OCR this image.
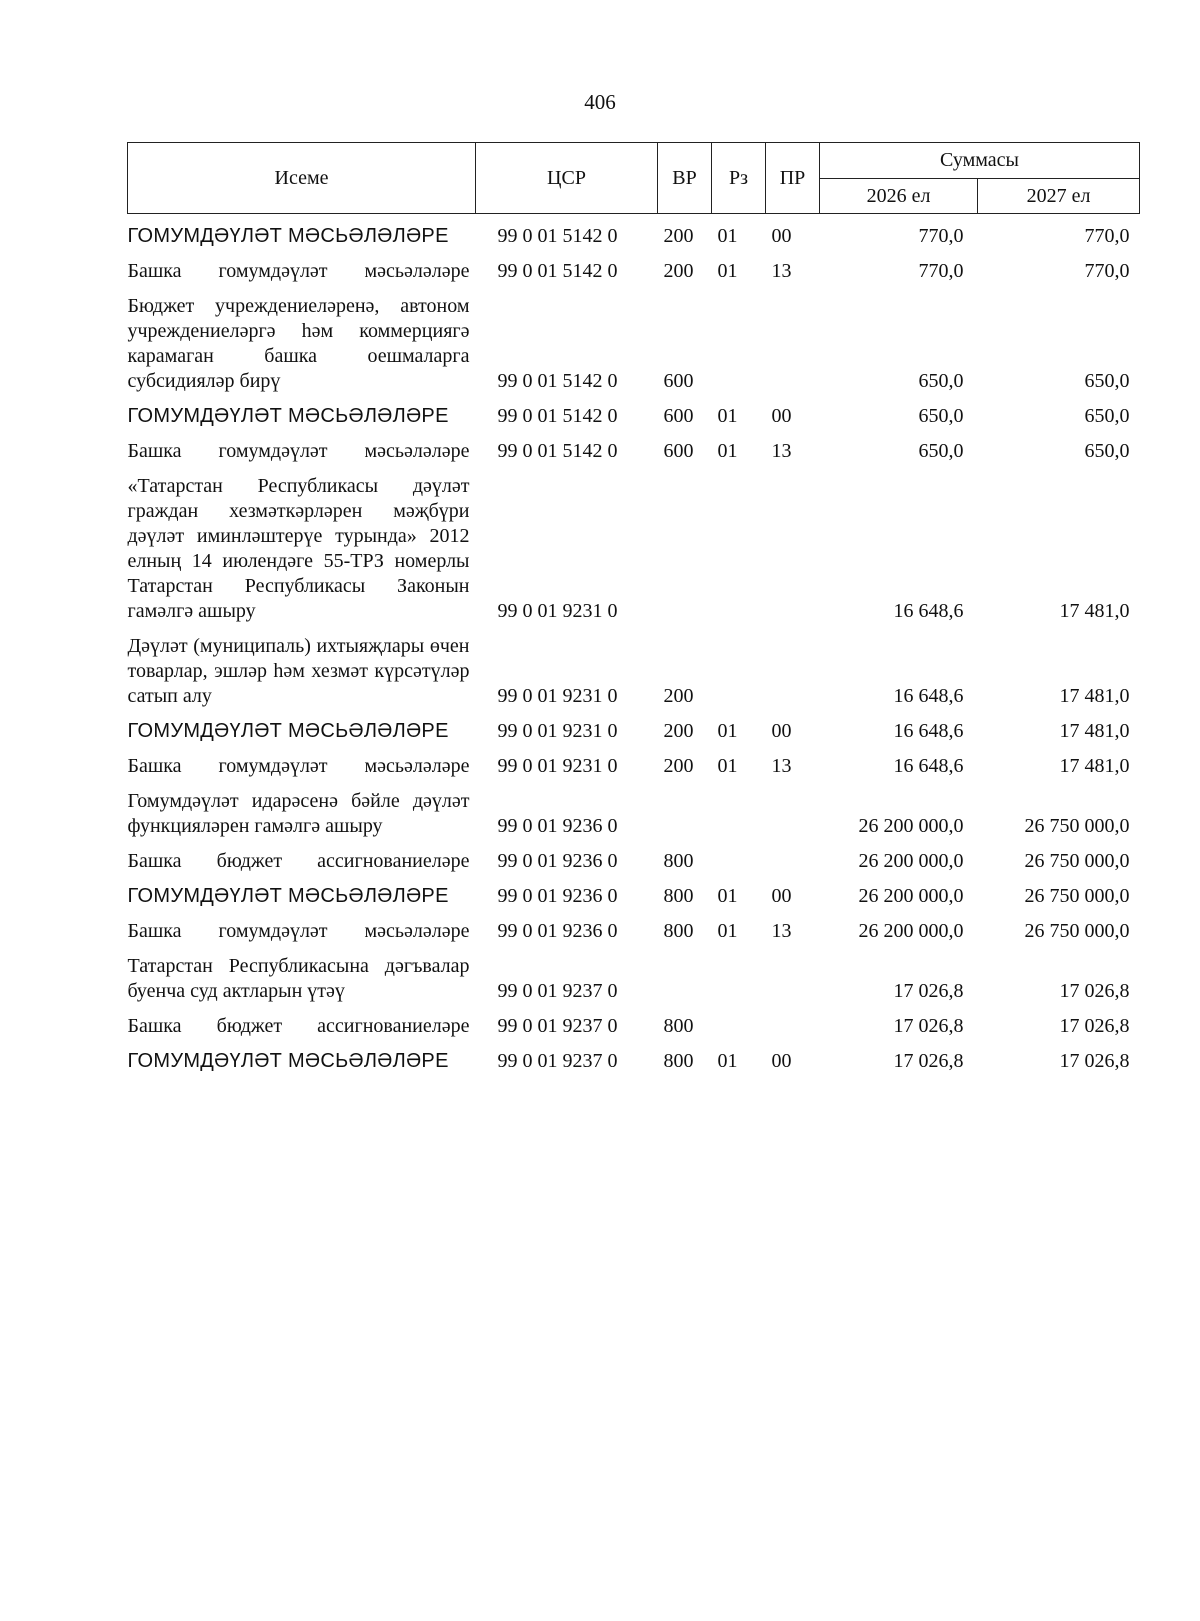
406
Исеме	ЦСР	ВР	Рз	ПР	Суммасы	
					2026 ел	2027 ел

ГОМУМДӘҮЛӘТ МӘСЬӘЛӘЛӘРЕ	99 0 01 5142 0	200	01	00	770,0	770,0

Башка гомумдәүләт мәсьәләләре	99 0 01 5142 0	200	01	13	770,0	770,0

Бюджет учреждениеләренә, автоном учреждениеләргә һәм коммерциягә карамаган башка оешмаларга субсидияләр бирү	99 0 01 5142 0	600			650,0	650,0

ГОМУМДӘҮЛӘТ МӘСЬӘЛӘЛӘРЕ	99 0 01 5142 0	600	01	00	650,0	650,0

Башка гомумдәүләт мәсьәләләре	99 0 01 5142 0	600	01	13	650,0	650,0

«Татарстан Республикасы дәүләт граждан хезмәткәрләрен мәҗбүри дәүләт иминләштерүе турында» 2012 елның 14 июлендәге 55-ТРЗ номерлы Татарстан Республикасы Законын гамәлгә ашыру	99 0 01 9231 0				16 648,6	17 481,0

Дәүләт (муниципаль) ихтыяҗлары өчен товарлар, эшләр һәм хезмәт күрсәтүләр сатып алу	99 0 01 9231 0	200			16 648,6	17 481,0

ГОМУМДӘҮЛӘТ МӘСЬӘЛӘЛӘРЕ	99 0 01 9231 0	200	01	00	16 648,6	17 481,0

Башка гомумдәүләт мәсьәләләре	99 0 01 9231 0	200	01	13	16 648,6	17 481,0

Гомумдәүләт идарәсенә бәйле дәүләт функцияләрен гамәлгә ашыру	99 0 01 9236 0				26 200 000,0	26 750 000,0

Башка бюджет ассигнованиеләре	99 0 01 9236 0	800			26 200 000,0	26 750 000,0

ГОМУМДӘҮЛӘТ МӘСЬӘЛӘЛӘРЕ	99 0 01 9236 0	800	01	00	26 200 000,0	26 750 000,0

Башка гомумдәүләт мәсьәләләре	99 0 01 9236 0	800	01	13	26 200 000,0	26 750 000,0

Татарстан Республикасына дәгъвалар буенча суд актларын үтәү	99 0 01 9237 0				17 026,8	17 026,8

Башка бюджет ассигнованиеләре	99 0 01 9237 0	800			17 026,8	17 026,8

ГОМУМДӘҮЛӘТ МӘСЬӘЛӘЛӘРЕ	99 0 01 9237 0	800	01	00	17 026,8	17 026,8
